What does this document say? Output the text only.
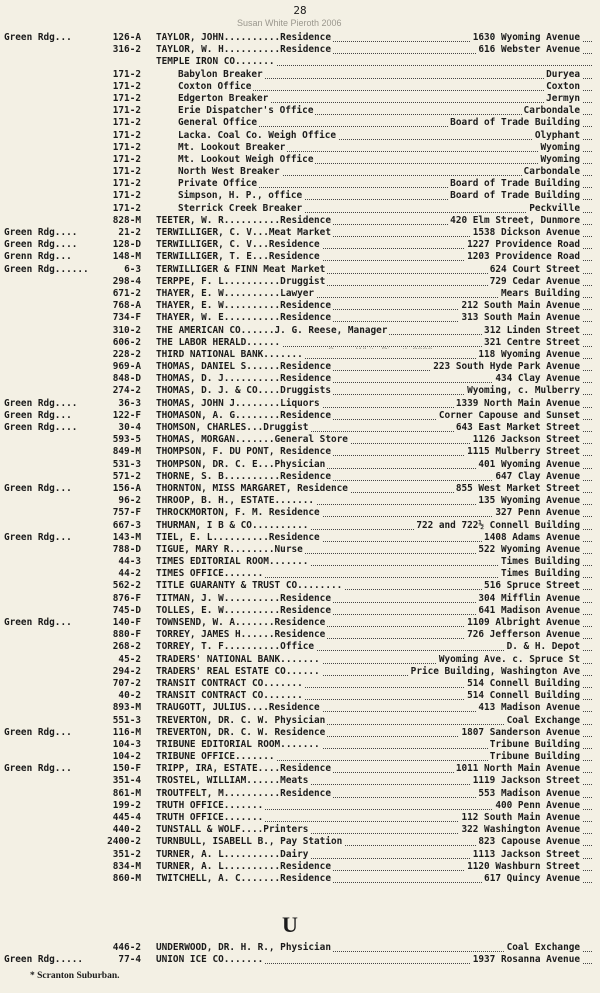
28
Susan White Pieroth 2006
Green Rdg...	126-A TAYLOR, JOHN..........Residence	1630 Wyoming Avenue
316-2 TAYLOR, W. H..........Residence	616 Webster Avenue
TEMPLE IRON CO.......
171-2	Babylon Breaker	Duryea
171-2	Coxton Office	Coxton
171-2	Edgerton Breaker	Jermyn
171-2	Erie Dispatcher's Office	Carbondale
171-2	General Office	Board of Trade Building
171-2	Lacka. Coal Co. Weigh Office	Olyphant
171-2	Mt. Lookout Breaker	Wyoming
171-2	Mt. Lookout Weigh Office	Wyoming
171-2	North West Breaker	Carbondale
171-2	Private Office	Board of Trade Building
171-2	Simpson, H. P., office	Board of Trade Building
171-2	Sterrick Creek Breaker	Peckville
828-M TEETER, W. R..........Residence	420 Elm Street, Dunmore
Green Rdg....	21-2 TERWILLIGER, C. V...Meat Market	1538 Dickson Avenue
Green Rdg....	128-D TERWILLIGER, C. V...Residence	1227 Providence Road
Grenn Rdg...	148-M TERWILLIGER, T. E...Residence	1203 Providence Road
Green Rdg......	6-3 TERWILLIGER & FINN Meat Market	624 Court Street
298-4 TERPPE, F. L..........Druggist	729 Cedar Avenue
671-2 THAYER, E. W..........Lawyer	Mears Building
768-A THAYER, E. W..........Residence	212 South Main Avenue
734-F THAYER, W. E..........Residence	313 South Main Avenue
310-2 THE AMERICAN CO......J. G. Reese, Manager	312 Linden Street
606-2 THE LABOR HERALD......	321 Centre Street
228-2 THIRD NATIONAL BANK.......	118 Wyoming Avenue
969-A THOMAS, DANIEL S......Residence	223 South Hyde Park Avenue
848-D THOMAS, D. J..........Residence	434 Clay Avenue
274-2 THOMAS, D. J. & CO....Druggists	Wyoming, c. Mulberry
Green Rdg....	36-3 THOMAS, JOHN J........Liquors	1339 North Main Avenue
Green Rdg...	122-F THOMASON, A. G........Residence	Corner Capouse and Sunset
Green Rdg....	30-4 THOMSON, CHARLES...Druggist	643 East Market Street
593-5 THOMAS, MORGAN.......General Store	1126 Jackson Street
849-M THOMPSON, F. DU PONT, Residence	1115 Mulberry Street
531-3 THOMPSON, DR. C. E...Physician	401 Wyoming Avenue
571-2 THORNE, S. B..........Residence	647 Clay Avenue
Green Rdg...	156-A THORNTON, MISS MARGARET, Residence	855 West Market Street
96-2 THROOP, B. H., ESTATE.......	135 Wyoming Avenue
757-F THROCKMORTON, F. M. Residence	327 Penn Avenue
667-3 THURMAN, I B & CO..........	722 and 722½ Connell Building
Green Rdg...	143-M TIEL, E. L..........Residence	1408 Adams Avenue
788-D TIGUE, MARY R........Nurse	522 Wyoming Avenue
44-3 TIMES EDITORIAL ROOM.......	Times Building
44-2 TIMES OFFICE.......	Times Building
562-2 TITLE GUARANTY & TRUST CO........	516 Spruce Street
876-F TITMAN, J. W..........Residence	304 Mifflin Avenue
745-D TOLLES, E. W..........Residence	641 Madison Avenue
Green Rdg...	140-F TOWNSEND, W. A.......Residence	1109 Albright Avenue
880-F TORREY, JAMES H......Residence	726 Jefferson Avenue
268-2 TORREY, T. F..........Office	D. & H. Depot
45-2 TRADERS' NATIONAL BANK.......	Wyoming Ave. c. Spruce St
294-2 TRADERS' REAL ESTATE CO......	Price Building, Washington Ave
707-2 TRANSIT CONTRACT CO.......	514 Connell Building
40-2 TRANSIT CONTRACT CO.......	514 Connell Building
893-M TRAUGOTT, JULIUS....Residence	413 Madison Avenue
551-3 TREVERTON, DR. C. W. Physician	Coal Exchange
Green Rdg...	116-M TREVERTON, DR. C. W. Residence	1807 Sanderson Avenue
104-3 TRIBUNE EDITORIAL ROOM.......	Tribune Building
104-2 TRIBUNE OFFICE.......	Tribune Building
Green Rdg...	150-F TRIPP, IRA, ESTATE....Residence	1011 North Main Avenue
351-4 TROSTEL, WILLIAM......Meats	1119 Jackson Street
861-M TROUTFELT, M..........Residence	553 Madison Avenue
199-2 TRUTH OFFICE.......	400 Penn Avenue
445-4 TRUTH OFFICE.......	112 South Main Avenue
440-2 TUNSTALL & WOLF....Printers	322 Washington Avenue
2400-2 TURNBULL, ISABELL B., Pay Station	823 Capouse Avenue
351-2 TURNER, A. L..........Dairy	1113 Jackson Street
834-M TURNER, A. L..........Residence	1120 Washburn Street
860-M TWITCHELL, A. C.......Residence	617 Quincy Avenue
U
446-2 UNDERWOOD, DR. H. R., Physician	Coal Exchange
Green Rdg.....	77-4 UNION ICE CO.......	1937 Rosanna Avenue
* Scranton Suburban.
